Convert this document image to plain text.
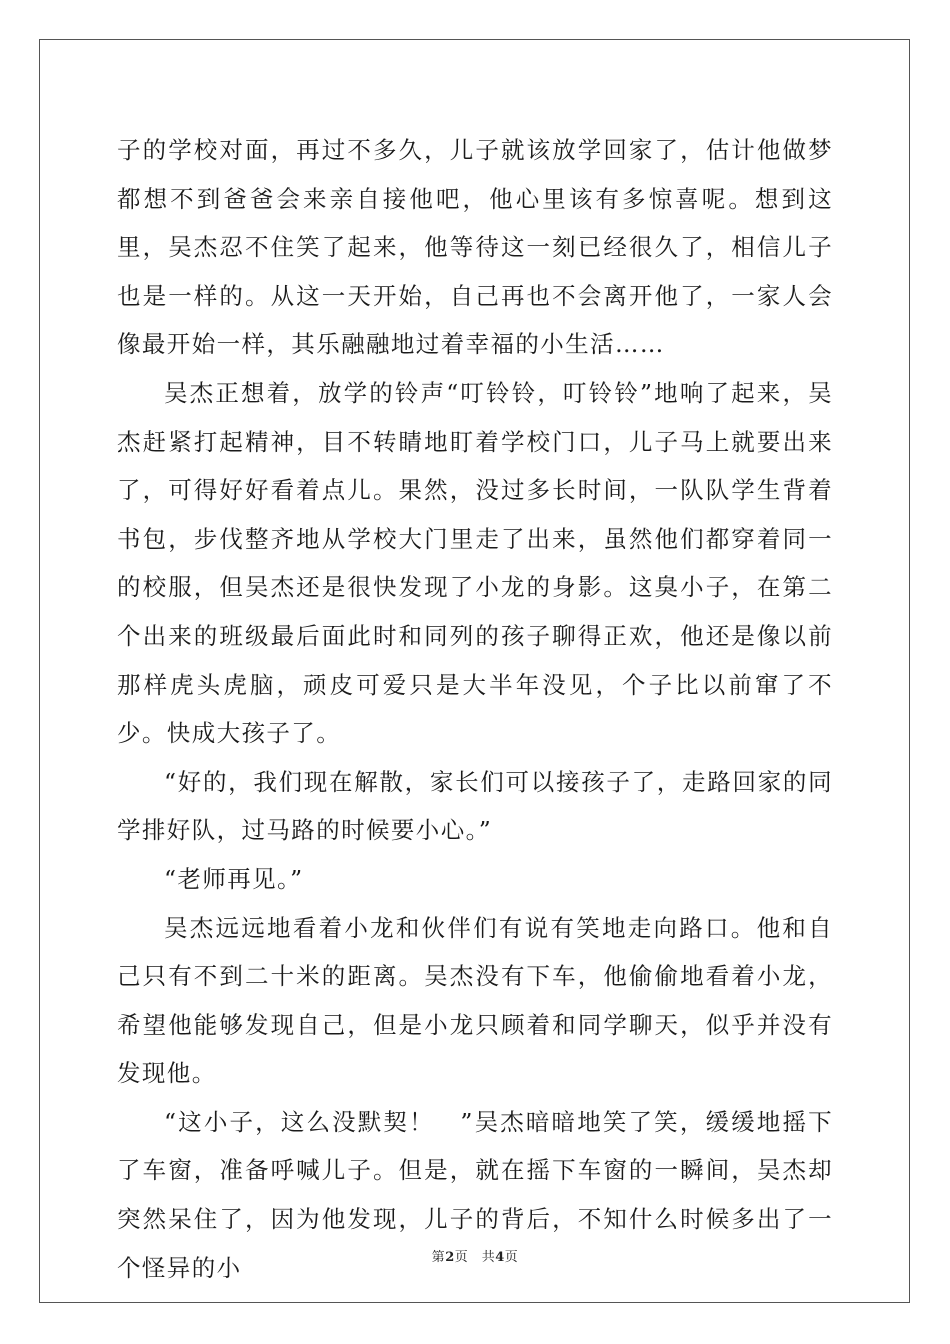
子的学校对面，再过不多久，儿子就该放学回家了，估计他做梦都想不到爸爸会来亲自接他吧，他心里该有多惊喜呢。想到这里，吴杰忍不住笑了起来，他等待这一刻已经很久了，相信儿子也是一样的。从这一天开始，自己再也不会离开他了，一家人会像最开始一样，其乐融融地过着幸福的小生活……

吴杰正想着，放学的铃声“叮铃铃，叮铃铃”地响了起来，吴杰赶紧打起精神，目不转睛地盯着学校门口，儿子马上就要出来了，可得好好看着点儿。果然，没过多长时间，一队队学生背着书包，步伐整齐地从学校大门里走了出来，虽然他们都穿着同一的校服，但吴杰还是很快发现了小龙的身影。这臭小子，在第二个出来的班级最后面此时和同列的孩子聊得正欢，他还是像以前那样虎头虎脑，顽皮可爱只是大半年没见，个子比以前窜了不少。快成大孩子了。

“好的，我们现在解散，家长们可以接孩子了，走路回家的同学排好队，过马路的时候要小心。”

“老师再见。”

吴杰远远地看着小龙和伙伴们有说有笑地走向路口。他和自己只有不到二十米的距离。吴杰没有下车，他偷偷地看着小龙，希望他能够发现自己，但是小龙只顾着和同学聊天，似乎并没有发现他。

“这小子，这么没默契！　”吴杰暗暗地笑了笑，缓缓地摇下了车窗，准备呼喊儿子。但是，就在摇下车窗的一瞬间，吴杰却突然呆住了，因为他发现，儿子的背后，不知什么时候多出了一个怪异的小	第2页　共4页
